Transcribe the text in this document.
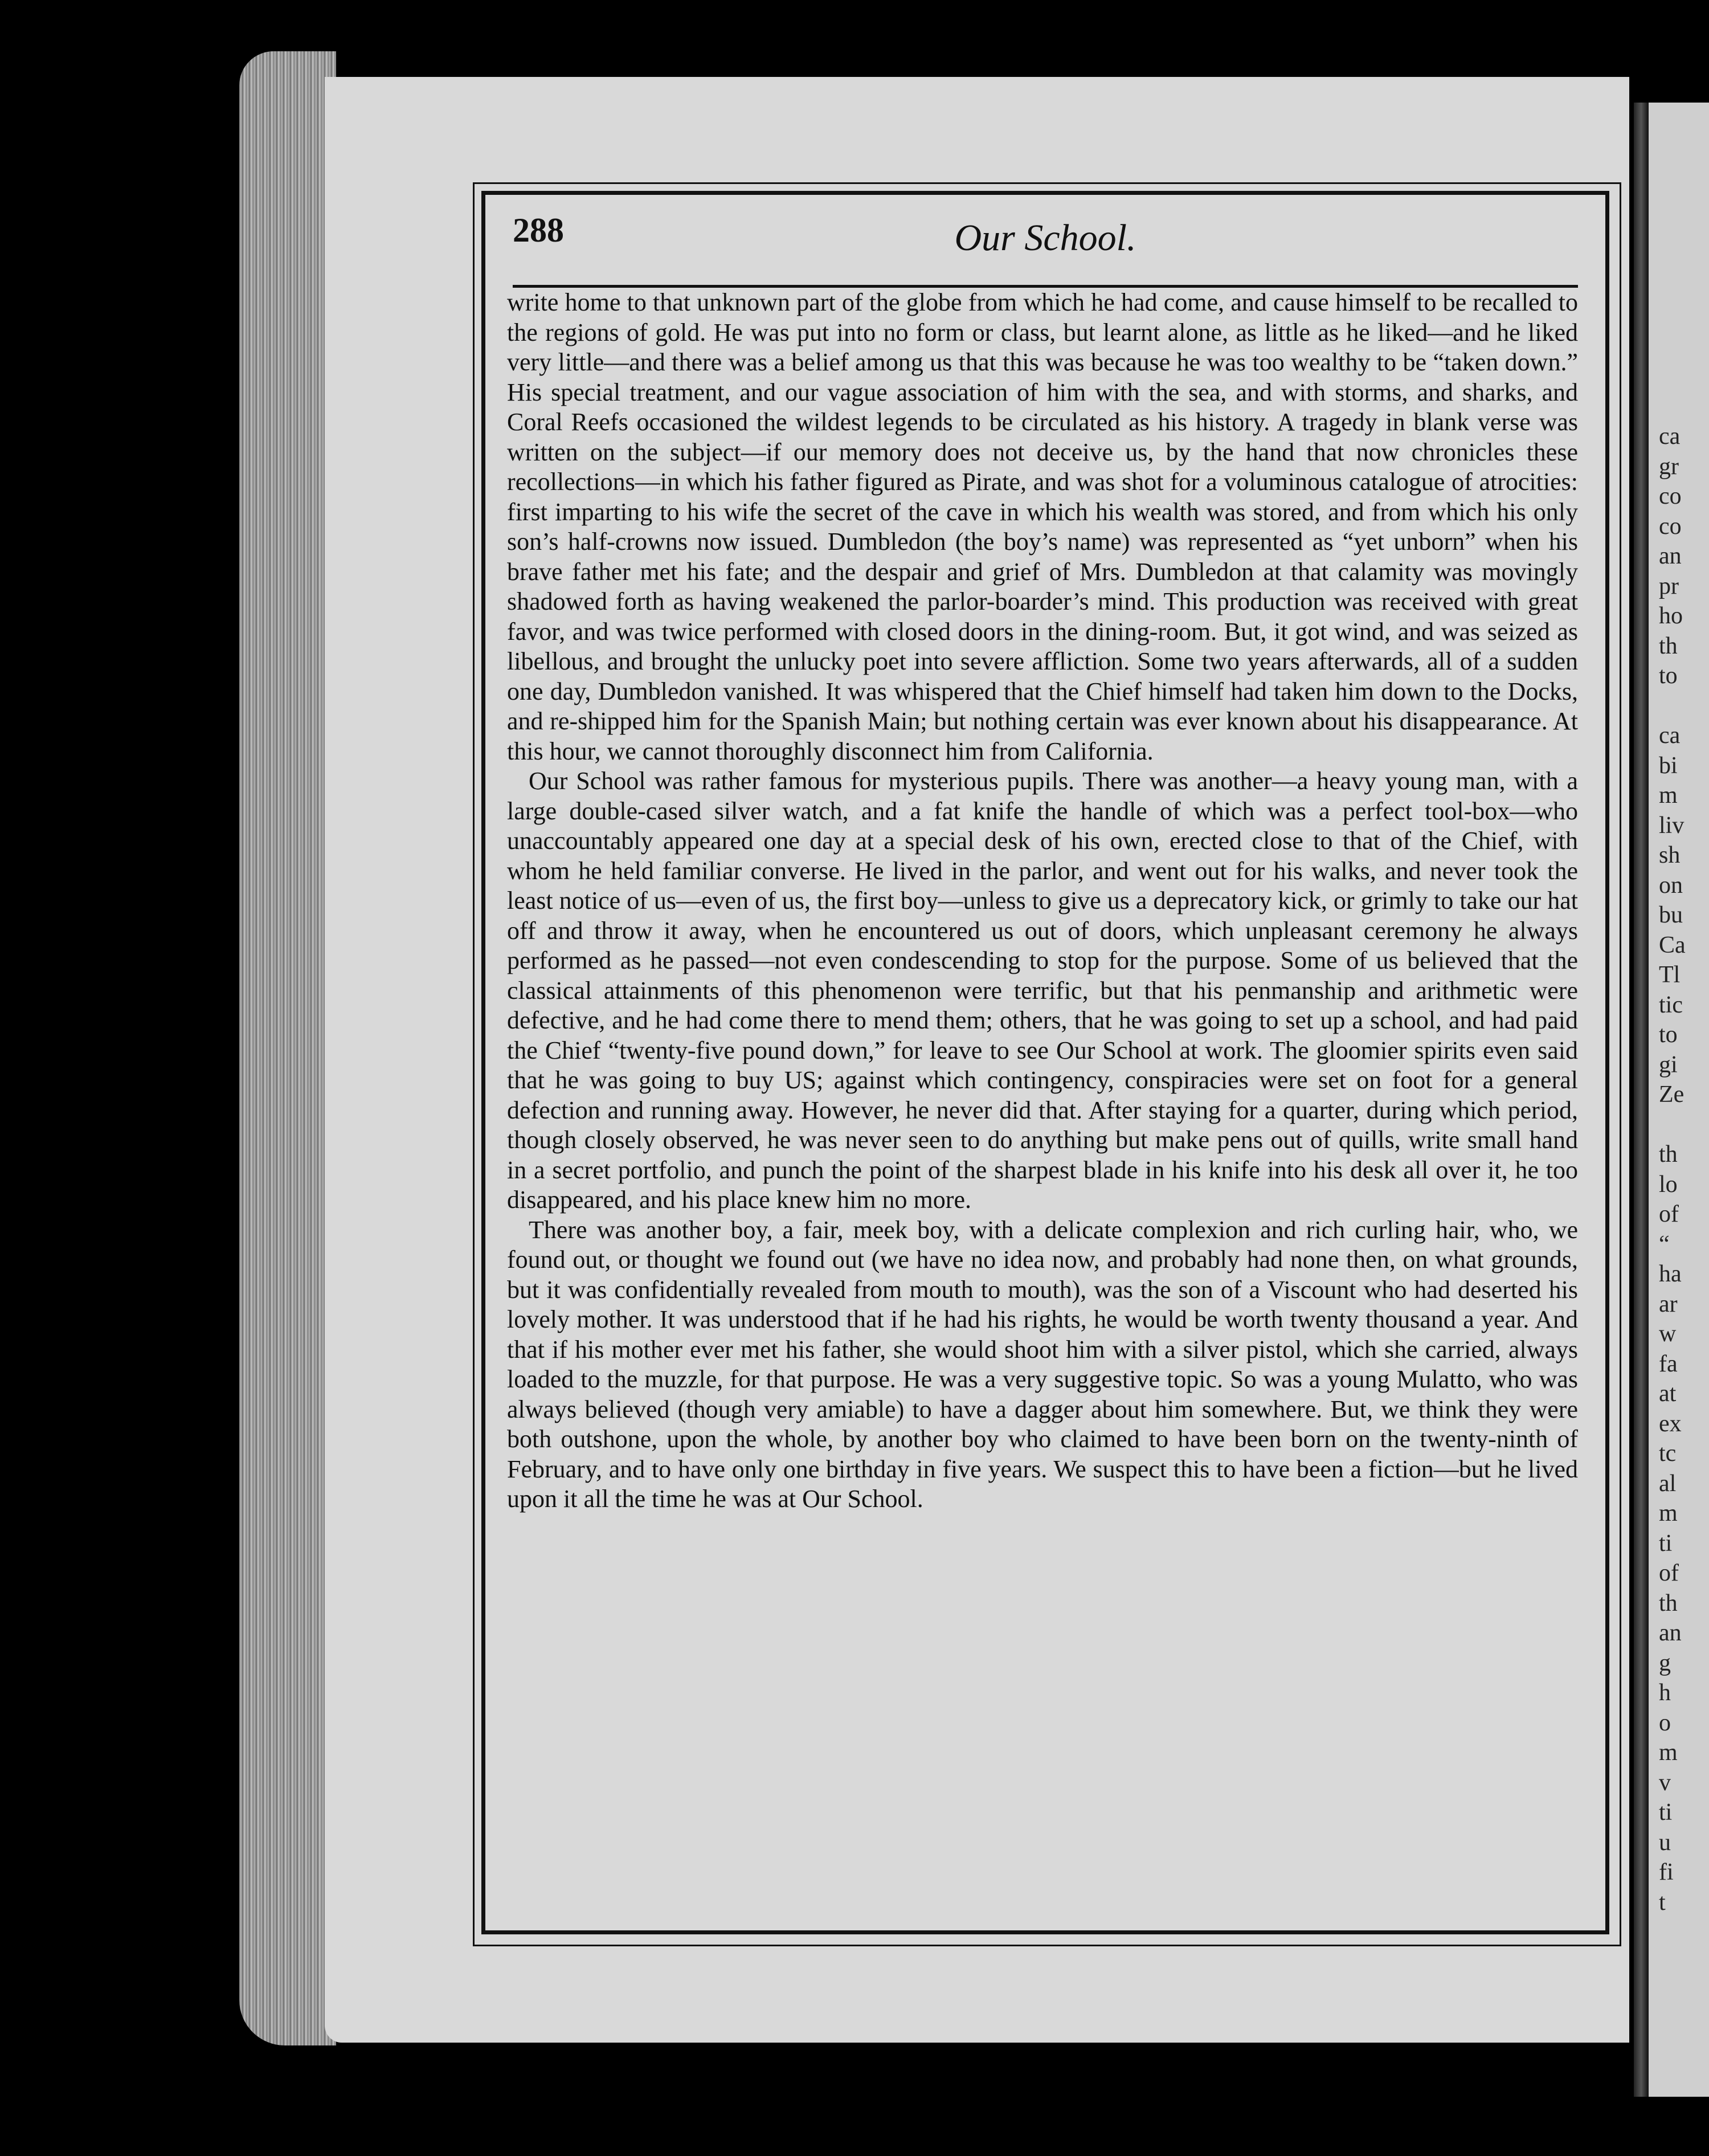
288	Our School.

write home to that unknown part of the globe from which he had come, and cause himself to be recalled to the regions of gold. He was put into no form or class, but learnt alone, as little as he liked—and he liked very little—and there was a belief among us that this was because he was too wealthy to be “taken down.” His special treatment, and our vague association of him with the sea, and with storms, and sharks, and Coral Reefs occasioned the wildest legends to be circulated as his history. A tragedy in blank verse was written on the subject—if our memory does not deceive us, by the hand that now chronicles these recollections—in which his father figured as Pirate, and was shot for a voluminous catalogue of atrocities: first imparting to his wife the secret of the cave in which his wealth was stored, and from which his only son’s half-crowns now issued. Dumbledon (the boy’s name) was represented as “yet unborn” when his brave father met his fate; and the despair and grief of Mrs. Dumbledon at that calamity was movingly shadowed forth as having weakened the parlor-boarder’s mind. This production was received with great favor, and was twice performed with closed doors in the dining-room. But, it got wind, and was seized as libellous, and brought the unlucky poet into severe affliction. Some two years afterwards, all of a sudden one day, Dumbledon vanished. It was whispered that the Chief himself had taken him down to the Docks, and re-shipped him for the Spanish Main; but nothing certain was ever known about his disappearance. At this hour, we cannot thoroughly disconnect him from California.

Our School was rather famous for mysterious pupils. There was another—a heavy young man, with a large double-cased silver watch, and a fat knife the handle of which was a perfect tool-box—who unaccountably appeared one day at a special desk of his own, erected close to that of the Chief, with whom he held familiar converse. He lived in the parlor, and went out for his walks, and never took the least notice of us—even of us, the first boy—unless to give us a deprecatory kick, or grimly to take our hat off and throw it away, when he encountered us out of doors, which unpleasant ceremony he always performed as he passed—not even condescending to stop for the purpose. Some of us believed that the classical attainments of this phenomenon were terrific, but that his penmanship and arithmetic were defective, and he had come there to mend them; others, that he was going to set up a school, and had paid the Chief “twenty-five pound down,” for leave to see Our School at work. The gloomier spirits even said that he was going to buy US; against which contingency, conspiracies were set on foot for a general defection and running away. However, he never did that. After staying for a quarter, during which period, though closely observed, he was never seen to do anything but make pens out of quills, write small hand in a secret portfolio, and punch the point of the sharpest blade in his knife into his desk all over it, he too disappeared, and his place knew him no more.

There was another boy, a fair, meek boy, with a delicate complexion and rich curling hair, who, we found out, or thought we found out (we have no idea now, and probably had none then, on what grounds, but it was confidentially revealed from mouth to mouth), was the son of a Viscount who had deserted his lovely mother. It was understood that if he had his rights, he would be worth twenty thousand a year. And that if his mother ever met his father, she would shoot him with a silver pistol, which she carried, always loaded to the muzzle, for that purpose. He was a very suggestive topic. So was a young Mulatto, who was always believed (though very amiable) to have a dagger about him somewhere. But, we think they were both outshone, upon the whole, by another boy who claimed to have been born on the twenty-ninth of February, and to have only one birthday in five years. We suspect this to have been a fiction—but he lived upon it all the time he was at Our School.

ca
gr
co
co
an
pr
ho
th
to

ca
bi
m
liv
sh
on
bu
Ca
Tl
tic
to
gi
Ze

th
lo
of
“
ha
ar
w
fa
at
ex
tc
al
m
ti
of
th
an
g
h
o
m
v
ti
u
fi
t
